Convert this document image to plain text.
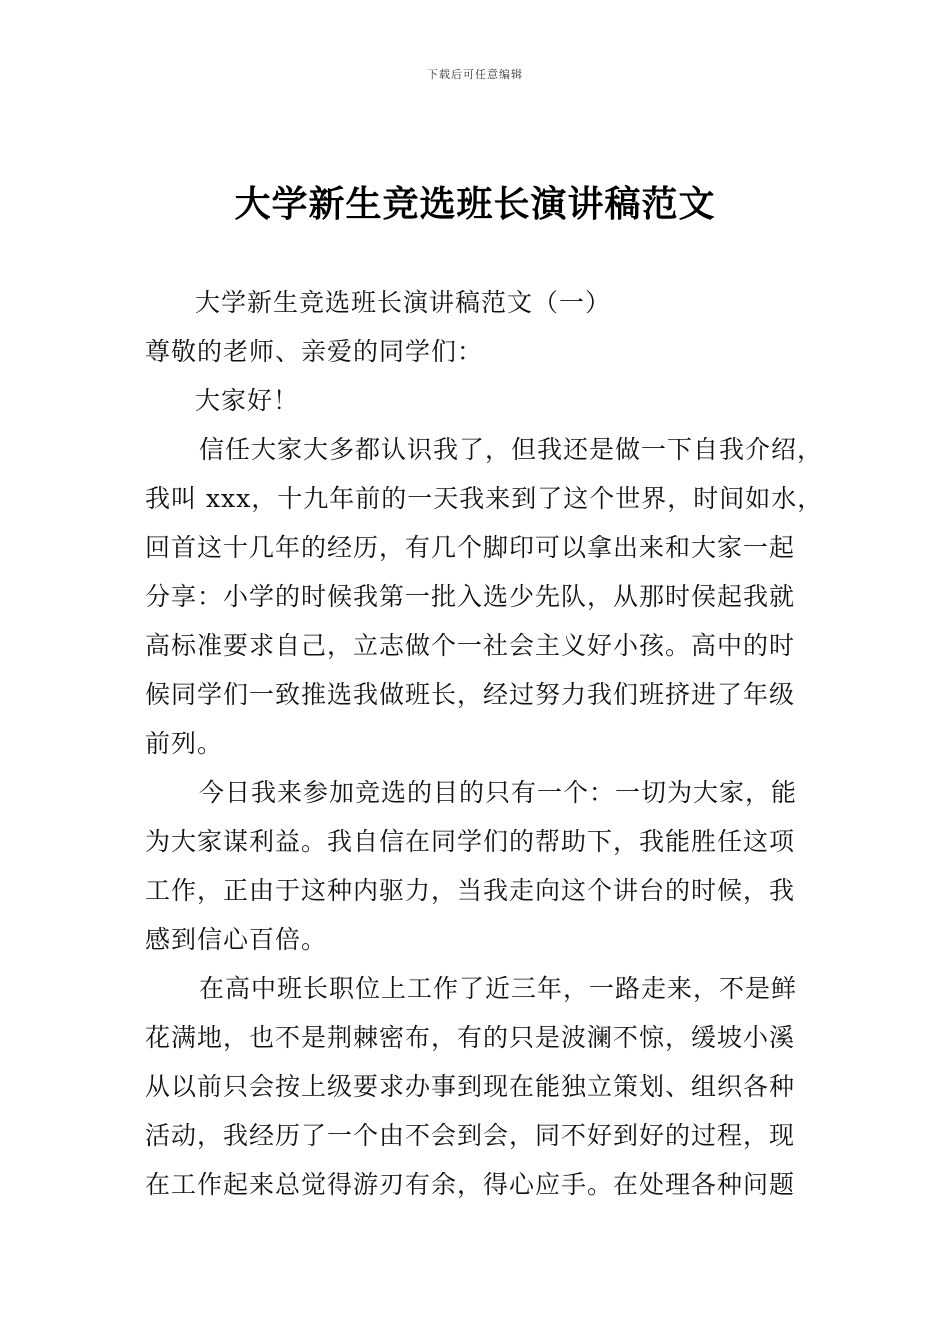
下载后可任意编辑
大学新生竞选班长演讲稿范文
大学新生竞选班长演讲稿范文（一）
尊敬的老师、亲爱的同学们：
大家好！
信任大家大多都认识我了，但我还是做一下自我介绍，
我叫 xxx，十九年前的一天我来到了这个世界，时间如水，
回首这十几年的经历，有几个脚印可以拿出来和大家一起
分享：小学的时候我第一批入选少先队，从那时侯起我就
高标准要求自己，立志做个一社会主义好小孩。高中的时
候同学们一致推选我做班长，经过努力我们班挤进了年级
前列。
今日我来参加竞选的目的只有一个：一切为大家，能
为大家谋利益。我自信在同学们的帮助下，我能胜任这项
工作，正由于这种内驱力，当我走向这个讲台的时候，我
感到信心百倍。
在高中班长职位上工作了近三年，一路走来，不是鲜
花满地，也不是荆棘密布，有的只是波澜不惊，缓坡小溪
从以前只会按上级要求办事到现在能独立策划、组织各种
活动，我经历了一个由不会到会，同不好到好的过程，现
在工作起来总觉得游刃有余，得心应手。在处理各种问题
